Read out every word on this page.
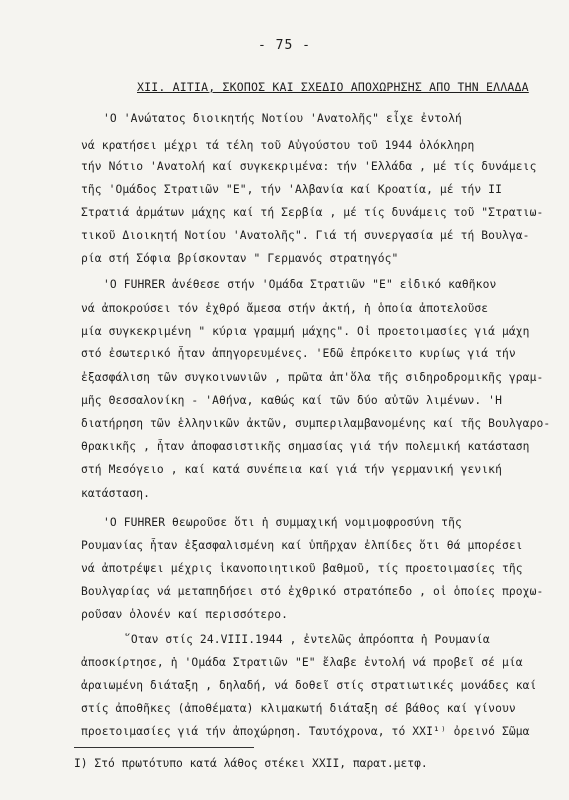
- 75 -
XII. ΑΙΤΙΑ, ΣΚΟΠΟΣ ΚΑΙ ΣΧΕΔΙΟ ΑΠΟΧΩΡΗΣΗΣ ΑΠΟ ΤΗΝ ΕΛΛΑΔΑ
'Ο 'Ανώτατος διοικητής Νοτίου 'Ανατολῆς" εἶχε ἐντολή
νά κρατήσει μέχρι τά τέλη τοῦ Αὐγούστου τοῦ 1944 ὁλόκληρη
τήν Νότιο 'Ανατολή καί συγκεκριμένα: τήν 'Ελλάδα , μέ τίς δυνάμεις
τῆς 'Ομάδος Στρατιῶν "Ε", τήν 'Αλβανία καί Κροατία, μέ τήν II
Στρατιά ἁρμάτων μάχης καί τή Σερβία , μέ τίς δυνάμεις τοῦ "Στρατιω-
τικοῦ Διοικητή Νοτίου 'Ανατολῆς". Γιά τή συνεργασία μέ τή Βουλγα-
ρία στή Σόφια βρίσκονταν " Γερμανός στρατηγός"
'Ο FUHRER ἀνέθεσε στήν 'Ομάδα Στρατιῶν "Ε" εἰδικό καθῆκον
νά ἀποκρούσει τόν ἐχθρό ἄμεσα στήν ἀκτή, ἡ ὁποία ἀποτελοῦσε
μία συγκεκριμένη " κύρια γραμμή μάχης". Οἱ προετοιμασίες γιά μάχη
στό ἐσωτερικό ἦταν ἀπηγορευμένες. 'Εδῶ ἐπρόκειτο κυρίως γιά τήν
ἐξασφάλιση τῶν συγκοινωνιῶν , πρῶτα ἀπ'ὅλα τῆς σιδηροδρομικῆς γραμ-
μῆς Θεσσαλονίκη - 'Αθήνα, καθώς καί τῶν δύο αὐτῶν λιμένων. 'Η
διατήρηση τῶν ἑλληνικῶν ἀκτῶν, συμπεριλαμβανομένης καί τῆς Βουλγαρο-
θρακικῆς , ἦταν ἀποφασιστικῆς σημασίας γιά τήν πολεμική κατάσταση
στή Μεσόγειο , καί κατά συνέπεια καί γιά τήν γερμανική γενική
κατάσταση.
'Ο FUHRER θεωροῦσε ὅτι ἡ συμμαχική νομιμοφροσύνη τῆς
Ρουμανίας ἦταν ἐξασφαλισμένη καί ὑπῆρχαν ἐλπίδες ὅτι θά μπορέσει
νά ἀποτρέψει μέχρις ἱκανοποιητικοῦ βαθμοῦ, τίς προετοιμασίες τῆς
Βουλγαρίας νά μεταπηδήσει στό ἐχθρικό στρατόπεδο , οἱ ὁποίες προχω-
ροῦσαν ὁλονέν καί περισσότερο.
῞Οταν στίς 24.VIII.1944 , ἐντελῶς ἀπρόοπτα ἡ Ρουμανία
ἀποσκίρτησε, ἡ 'Ομάδα Στρατιῶν "Ε" ἔλαβε ἐντολή νά προβεῖ σέ μία
ἀραιωμένη διάταξη , δηλαδή, νά δοθεῖ στίς στρατιωτικές μονάδες καί
στίς ἀποθῆκες (ἀποθέματα) κλιμακωτή διάταξη σέ βάθος καί γίνουν
προετοιμασίες γιά τήν ἀποχώρηση. Ταυτόχρονα, τό XXI¹⁾ ὀρεινό Σῶμα
I) Στό πρωτότυπο κατά λάθος στέκει XXII, παρατ.μετφ.
